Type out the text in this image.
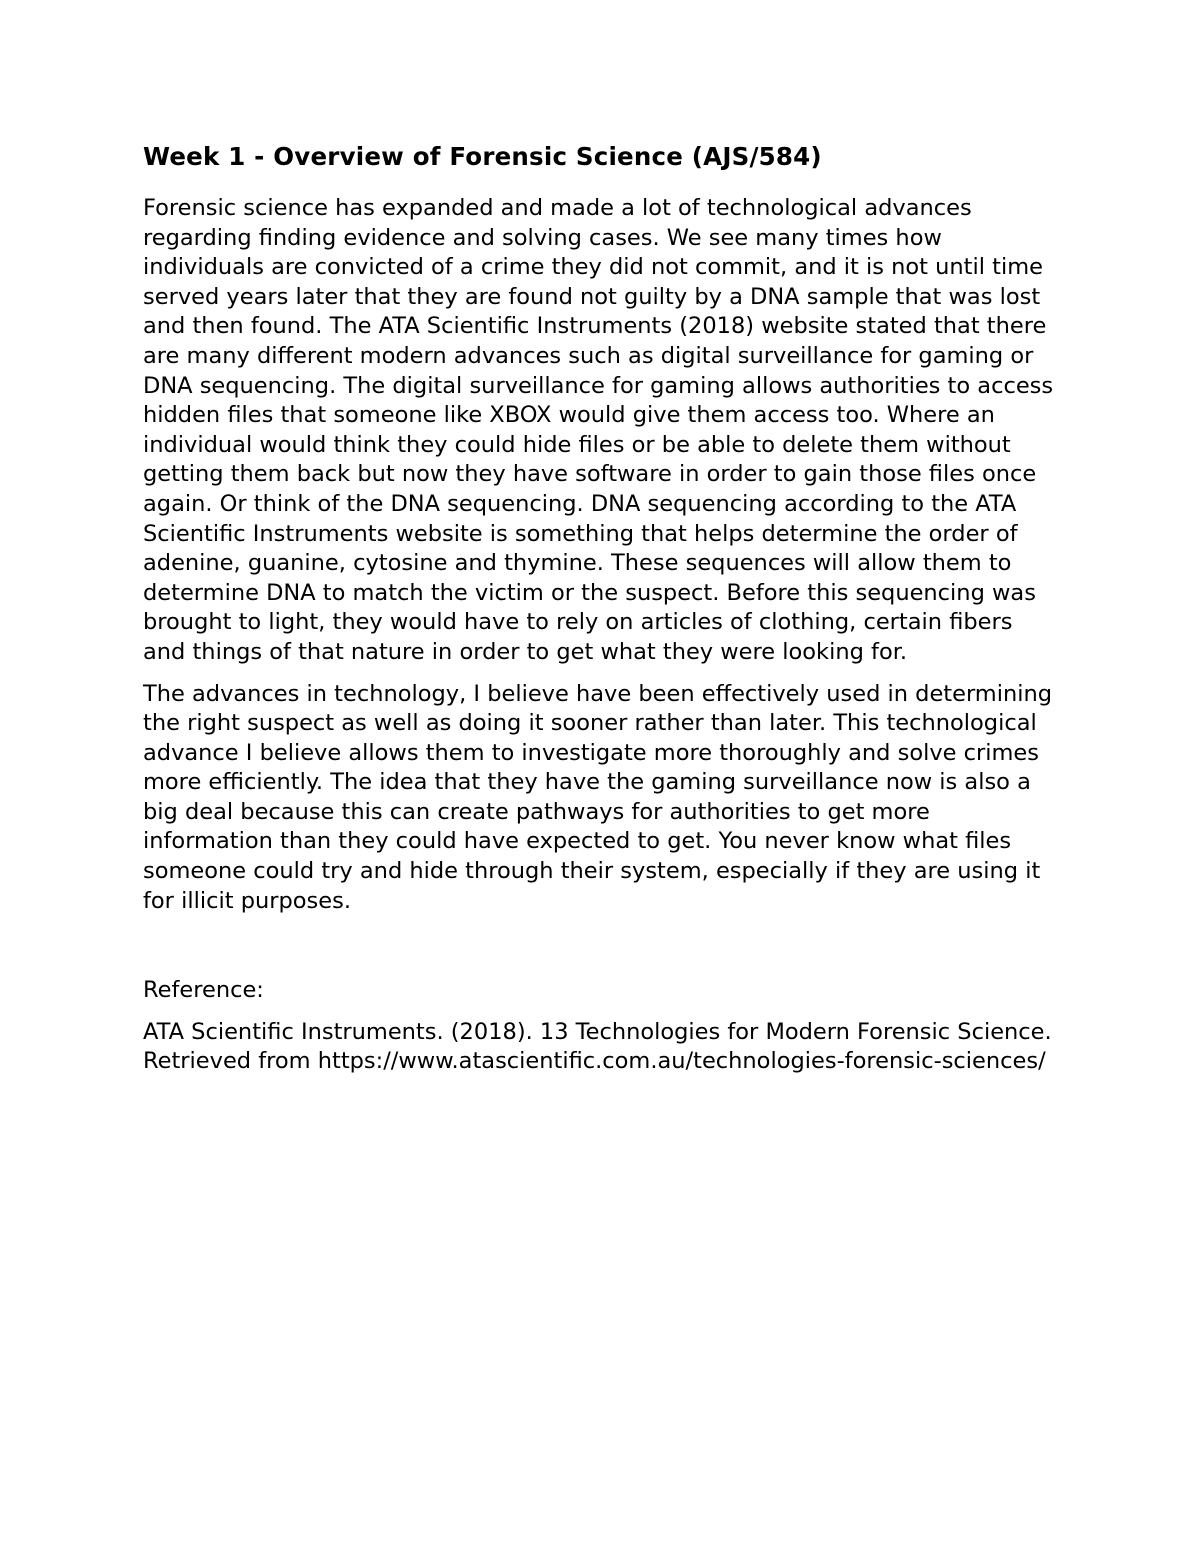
Week 1 - Overview of Forensic Science (AJS/584)

Forensic science has expanded and made a lot of technological advances regarding finding evidence and solving cases. We see many times how individuals are convicted of a crime they did not commit, and it is not until time served years later that they are found not guilty by a DNA sample that was lost and then found. The ATA Scientific Instruments (2018) website stated that there are many different modern advances such as digital surveillance for gaming or DNA sequencing. The digital surveillance for gaming allows authorities to access hidden files that someone like XBOX would give them access too. Where an individual would think they could hide files or be able to delete them without getting them back but now they have software in order to gain those files once again. Or think of the DNA sequencing. DNA sequencing according to the ATA Scientific Instruments website is something that helps determine the order of adenine, guanine, cytosine and thymine. These sequences will allow them to determine DNA to match the victim or the suspect. Before this sequencing was brought to light, they would have to rely on articles of clothing, certain fibers and things of that nature in order to get what they were looking for.

The advances in technology, I believe have been effectively used in determining the right suspect as well as doing it sooner rather than later. This technological advance I believe allows them to investigate more thoroughly and solve crimes more efficiently. The idea that they have the gaming surveillance now is also a big deal because this can create pathways for authorities to get more information than they could have expected to get. You never know what files someone could try and hide through their system, especially if they are using it for illicit purposes.

Reference:

ATA Scientific Instruments. (2018). 13 Technologies for Modern Forensic Science. Retrieved from https://www.atascientific.com.au/technologies-forensic-sciences/
